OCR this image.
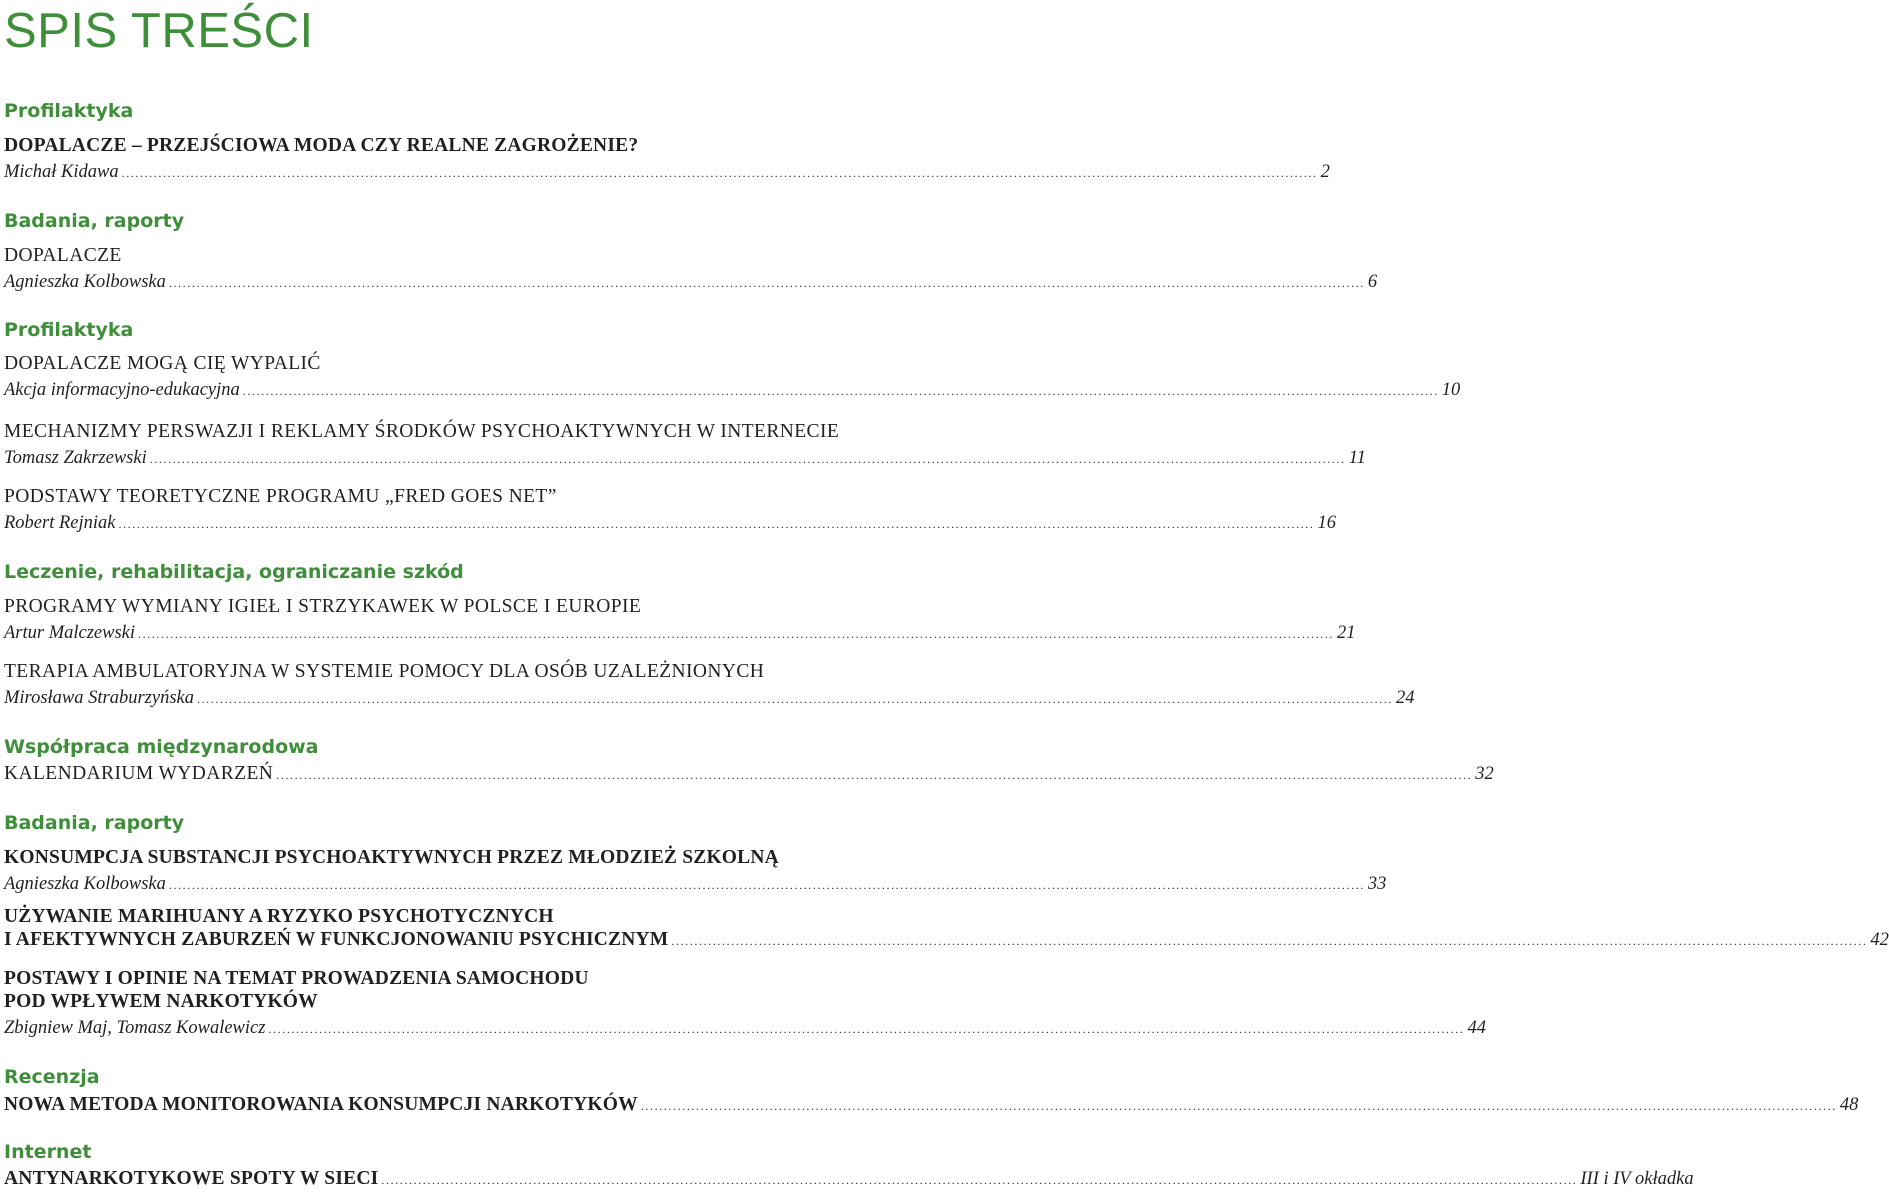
SPIS TREŚCI
Profilaktyka
DOPALACZE – PRZEJŚCIOWA MODA CZY REALNE ZAGROŻENIE?
Michał Kidawa .................................................................................................................................................................................................................................................................... 2
Badania, raporty
DOPALACZE
Agnieszka Kolbowska .................................................................................................................................................................................................................................................................... 6
Profilaktyka
DOPALACZE MOGĄ CIĘ WYPALIĆ
Akcja informacyjno-edukacyjna .................................................................................................................................................................................................................................................................... 10
MECHANIZMY PERSWAZJI I REKLAMY ŚRODKÓW PSYCHOAKTYWNYCH W INTERNECIE
Tomasz Zakrzewski .................................................................................................................................................................................................................................................................... 11
PODSTAWY TEORETYCZNE PROGRAMU „FRED GOES NET”
Robert Rejniak .................................................................................................................................................................................................................................................................... 16
Leczenie, rehabilitacja, ograniczanie szkód
PROGRAMY WYMIANY IGIEŁ I STRZYKAWEK W POLSCE I EUROPIE
Artur Malczewski .................................................................................................................................................................................................................................................................... 21
TERAPIA AMBULATORYJNA W SYSTEMIE POMOCY DLA OSÓB UZALEŻNIONYCH
Mirosława Straburzyńska .................................................................................................................................................................................................................................................................... 24
Współpraca międzynarodowa
KALENDARIUM WYDARZEŃ .................................................................................................................................................................................................................................................................... 32
Badania, raporty
KONSUMPCJA SUBSTANCJI PSYCHOAKTYWNYCH PRZEZ MŁODZIEŻ SZKOLNĄ
Agnieszka Kolbowska .................................................................................................................................................................................................................................................................... 33
UŻYWANIE MARIHUANY A RYZYKO PSYCHOTYCZNYCH
I AFEKTYWNYCH ZABURZEŃ W FUNKCJONOWANIU PSYCHICZNYM .................................................................................................................................................................................................................................................................... 42
POSTAWY I OPINIE NA TEMAT PROWADZENIA SAMOCHODU
POD WPŁYWEM NARKOTYKÓW
Zbigniew Maj, Tomasz Kowalewicz .................................................................................................................................................................................................................................................................... 44
Recenzja
NOWA METODA MONITOROWANIA KONSUMPCJI NARKOTYKÓW .................................................................................................................................................................................................................................................................... 48
Internet
ANTYNARKOTYKOWE SPOTY W SIECI .................................................................................................................................................................................................................................................................... III i IV okładka
